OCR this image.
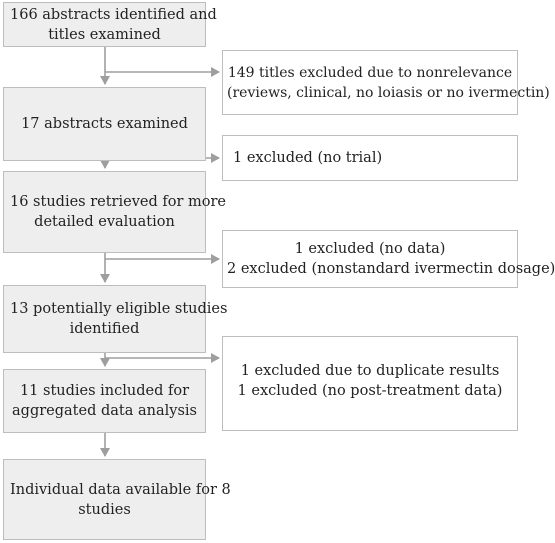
166 abstracts identified and
titles examined
17 abstracts examined
16 studies retrieved for more
detailed evaluation
13 potentially eligible studies
identified
11 studies included for
aggregated data analysis
Individual data available for 8
studies
149 titles excluded due to nonrelevance
(reviews, clinical, no loiasis or no ivermectin)
1 excluded (no trial)
1 excluded (no data)
2 excluded (nonstandard ivermectin dosage)
1 excluded due to duplicate results
1 excluded (no post-treatment data)
